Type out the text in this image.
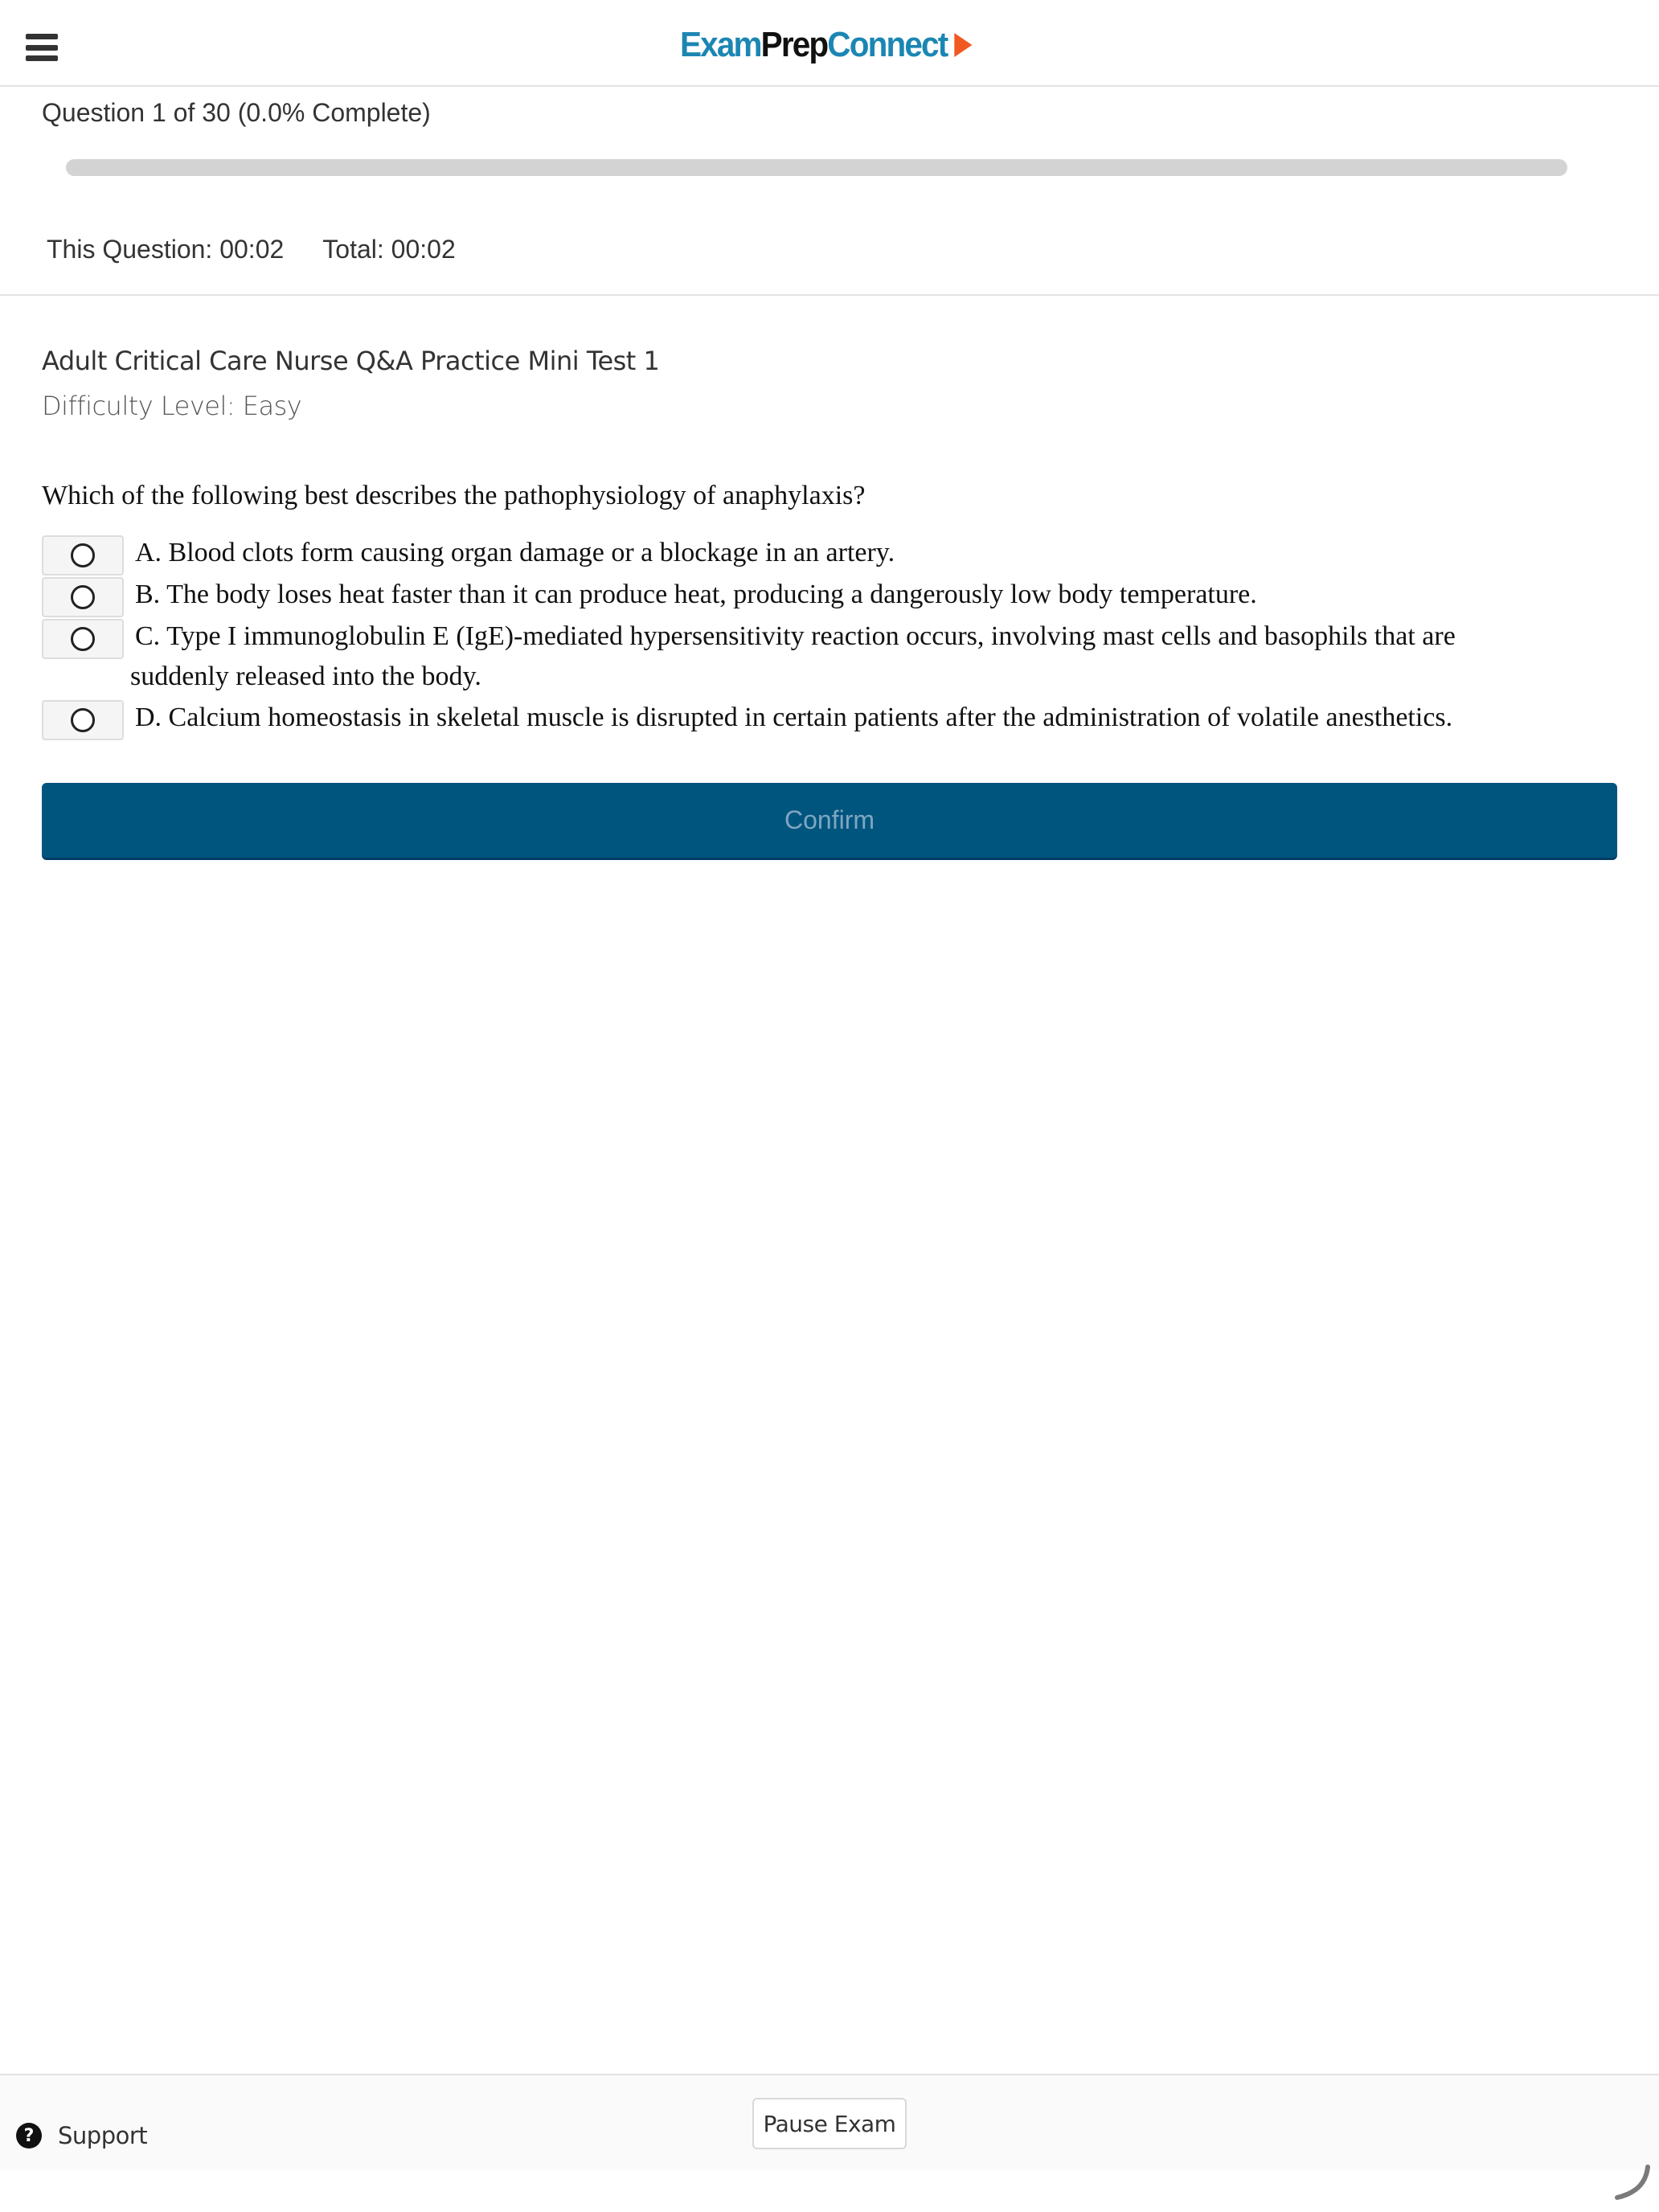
Exam Prep Connect
Question 1 of 30 (0.0% Complete)
This Question: 00:02 Total: 00:02
Adult Critical Care Nurse Q&A Practice Mini Test 1
Difficulty Level: Easy
Which of the following best describes the pathophysiology of anaphylaxis?
A. Blood clots form causing organ damage or a blockage in an artery.
B. The body loses heat faster than it can produce heat, producing a dangerously low body temperature.
C. Type I immunoglobulin E (IgE)-mediated hypersensitivity reaction occurs, involving mast cells and basophils that are
suddenly released into the body.
D. Calcium homeostasis in skeletal muscle is disrupted in certain patients after the administration of volatile anesthetics.
Confirm
?	Support	Pause Exam
